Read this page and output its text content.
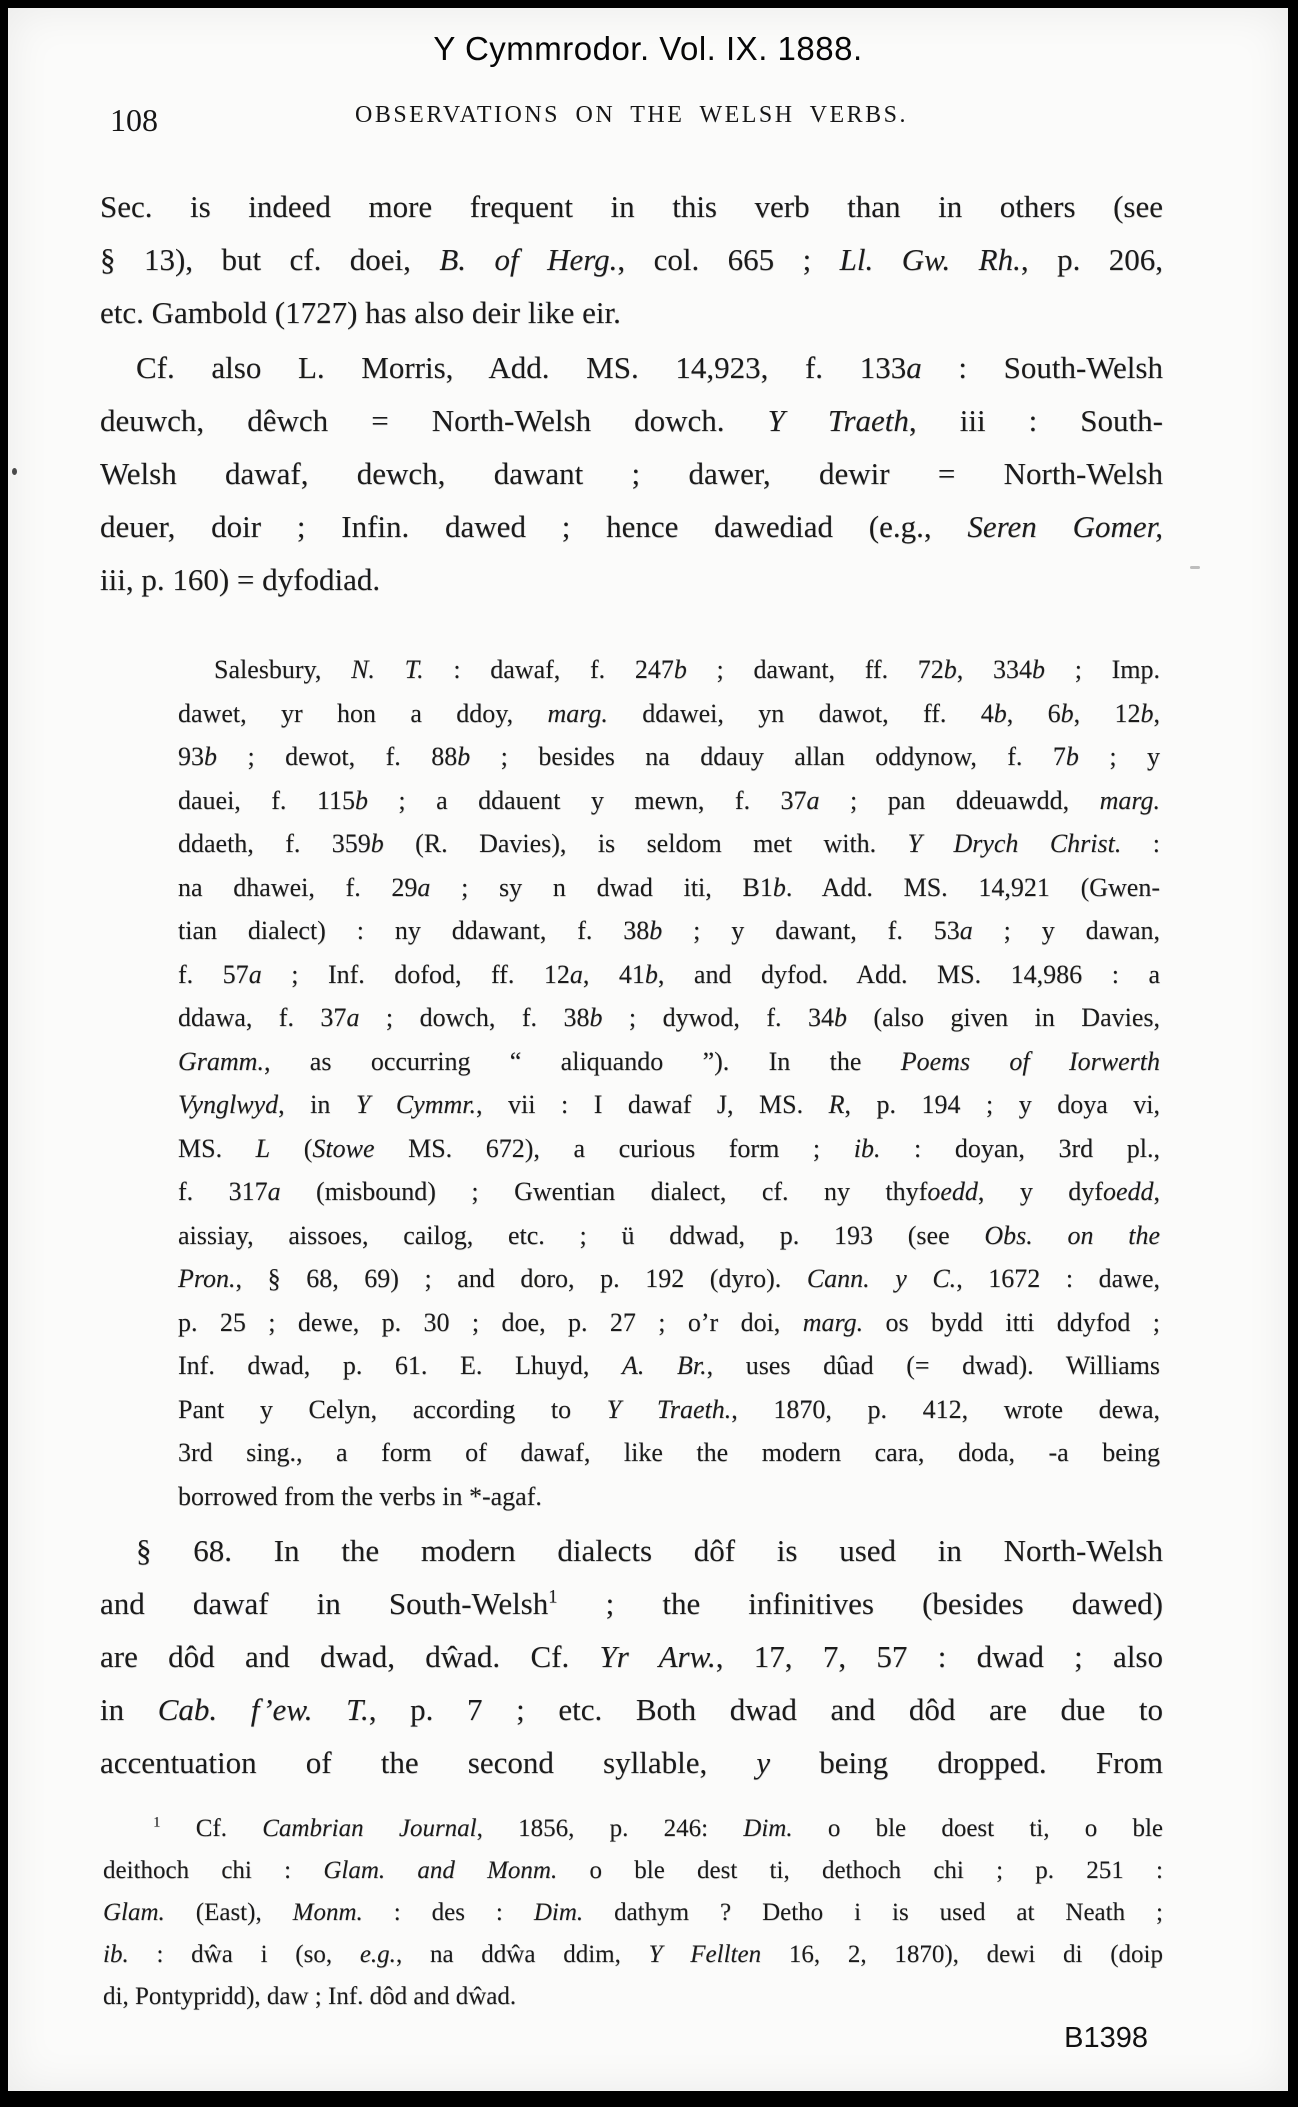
Y Cymmrodor. Vol. IX. 1888.
108	OBSERVATIONS ON THE WELSH VERBS.
Sec. is indeed more frequent in this verb than in others (see
§ 13), but cf. doei, B. of Herg., col. 665 ; Ll. Gw. Rh., p. 206,
etc. Gambold (1727) has also deir like eir.
Cf. also L. Morris, Add. MS. 14,923, f. 133a : South-Welsh
deuwch, dêwch = North-Welsh dowch. Y Traeth, iii : South-
Welsh dawaf, dewch, dawant ; dawer, dewir = North-Welsh
deuer, doir ; Infin. dawed ; hence dawediad (e.g., Seren Gomer,
iii, p. 160) = dyfodiad.
Salesbury, N. T. : dawaf, f. 247b ; dawant, ff. 72b, 334b ; Imp.
dawet, yr hon a ddoy, marg. ddawei, yn dawot, ff. 4b, 6b, 12b,
93b ; dewot, f. 88b ; besides na ddauy allan oddynow, f. 7b ; y
dauei, f. 115b ; a ddauent y mewn, f. 37a ; pan ddeuawdd, marg.
ddaeth, f. 359b (R. Davies), is seldom met with. Y Drych Christ. :
na dhawei, f. 29a ; sy n dwad iti, B1b. Add. MS. 14,921 (Gwen-
tian dialect) : ny ddawant, f. 38b ; y dawant, f. 53a ; y dawan,
f. 57a ; Inf. dofod, ff. 12a, 41b, and dyfod. Add. MS. 14,986 : a
ddawa, f. 37a ; dowch, f. 38b ; dywod, f. 34b (also given in Davies,
Gramm., as occurring “ aliquando ”). In the Poems of Iorwerth
Vynglwyd, in Y Cymmr., vii : I dawaf J, MS. R, p. 194 ; y doya vi,
MS. L (Stowe MS. 672), a curious form ; ib. : doyan, 3rd pl.,
f. 317a (misbound) ; Gwentian dialect, cf. ny thyfoedd, y dyfoedd,
aissiay, aissoes, cailog, etc. ; ü ddwad, p. 193 (see Obs. on the
Pron., § 68, 69) ; and doro, p. 192 (dyro). Cann. y C., 1672 : dawe,
p. 25 ; dewe, p. 30 ; doe, p. 27 ; o’r doi, marg. os bydd itti ddyfod ;
Inf. dwad, p. 61. E. Lhuyd, A. Br., uses dûad (= dwad). Williams
Pant y Celyn, according to Y Traeth., 1870, p. 412, wrote dewa,
3rd sing., a form of dawaf, like the modern cara, doda, -a being
borrowed from the verbs in *-agaf.
§ 68. In the modern dialects dôf is used in North-Welsh
and dawaf in South-Welsh$^1$ ; the infinitives (besides dawed)
are dôd and dwad, dŵad. Cf. Yr Arw., 17, 7, 57 : dwad ; also
in Cab. f’ew. T., p. 7 ; etc. Both dwad and dôd are due to
accentuation of the second syllable, y being dropped. From
$^1$ Cf. Cambrian Journal, 1856, p. 246: Dim. o ble doest ti, o ble
deithoch chi : Glam. and Monm. o ble dest ti, dethoch chi ; p. 251 :
Glam. (East), Monm. : des : Dim. dathym ? Detho i is used at Neath ;
ib. : dŵa i (so, e.g., na ddŵa ddim, Y Fellten 16, 2, 1870), dewi di (doip
di, Pontypridd), daw ; Inf. dôd and dŵad.
B1398
